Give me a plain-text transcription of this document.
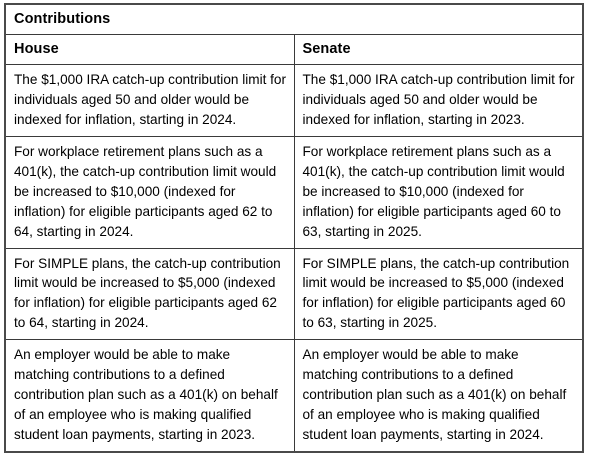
Contributions	
House	Senate
The $1,000 IRA catch-up contribution limit for individuals aged 50 and older would be indexed for inflation, starting in 2024.	The $1,000 IRA catch-up contribution limit for individuals aged 50 and older would be indexed for inflation, starting in 2023.
For workplace retirement plans such as a 401(k), the catch-up contribution limit would be increased to $10,000 (indexed for inflation) for eligible participants aged 62 to 64, starting in 2024.	For workplace retirement plans such as a 401(k), the catch-up contribution limit would be increased to $10,000 (indexed for inflation) for eligible participants aged 60 to 63, starting in 2025.
For SIMPLE plans, the catch-up contribution limit would be increased to $5,000 (indexed for inflation) for eligible participants aged 62 to 64, starting in 2024.	For SIMPLE plans, the catch-up contribution limit would be increased to $5,000 (indexed for inflation) for eligible participants aged 60 to 63, starting in 2025.
An employer would be able to make matching contributions to a defined contribution plan such as a 401(k) on behalf of an employee who is making qualified student loan payments, starting in 2023.	An employer would be able to make matching contributions to a defined contribution plan such as a 401(k) on behalf of an employee who is making qualified student loan payments, starting in 2024.
